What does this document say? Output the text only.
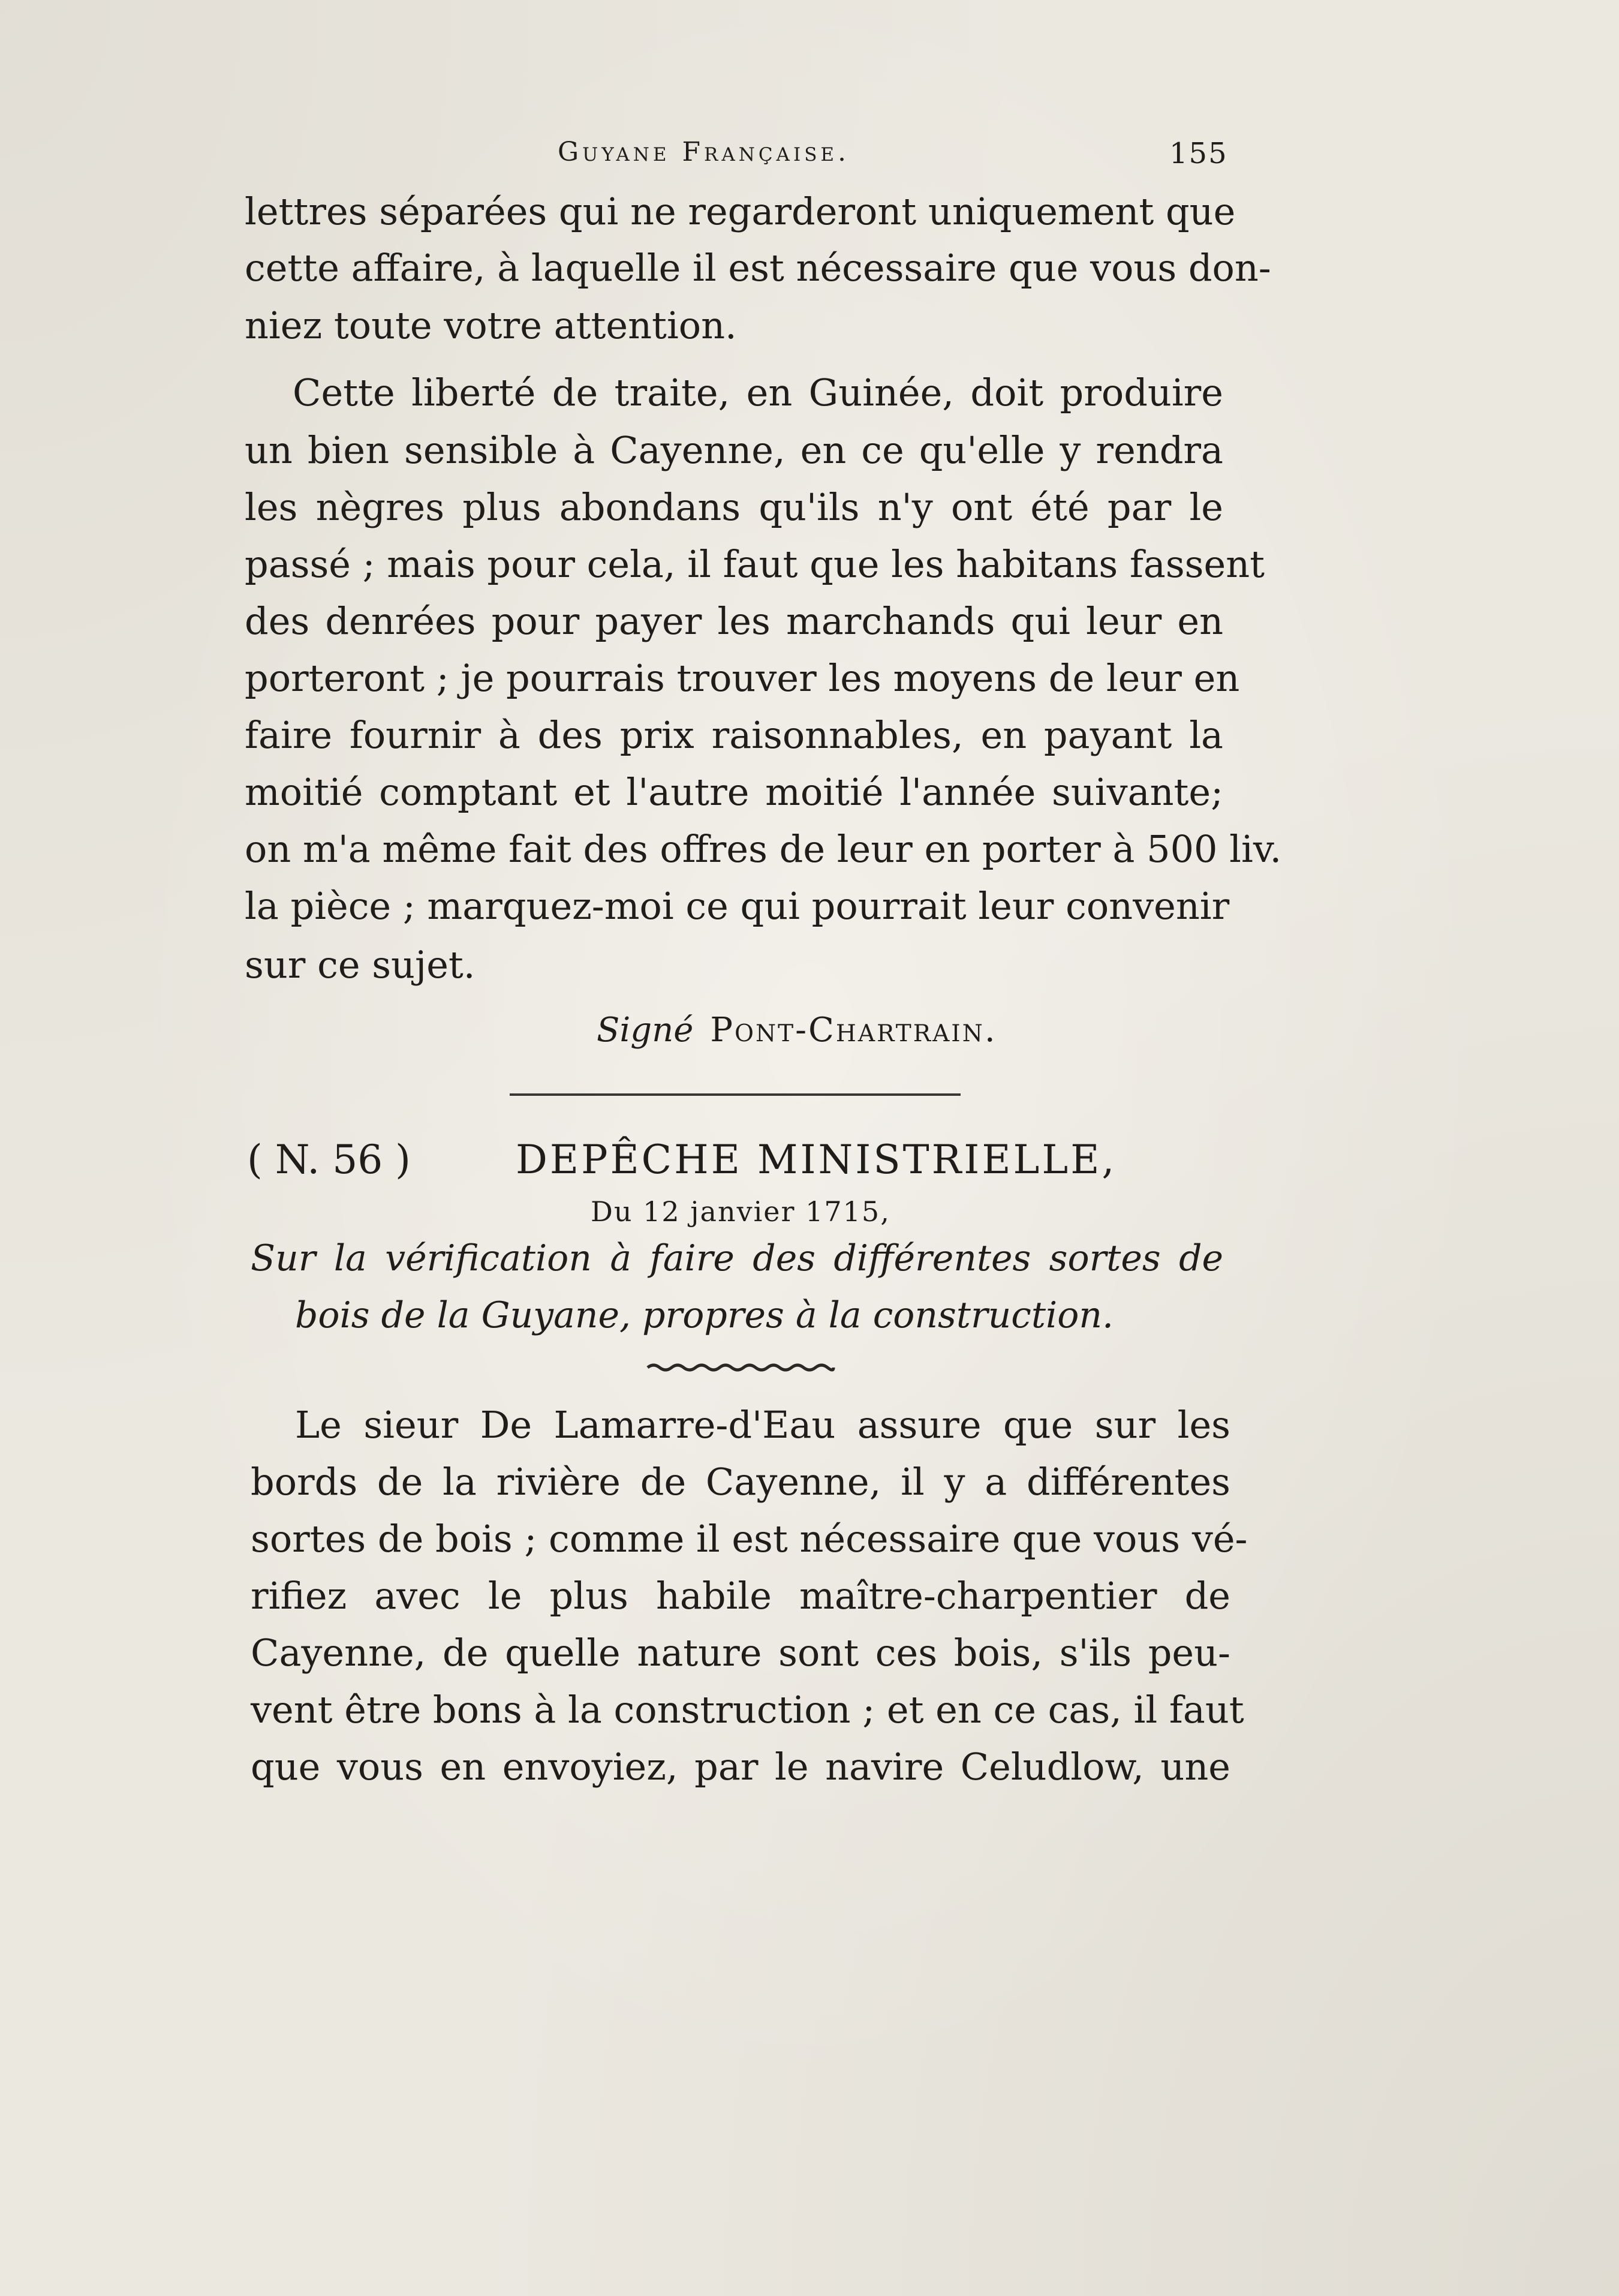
Guyane Française.	155
lettres séparées qui ne regarderont uniquement que
cette affaire, à laquelle il est nécessaire que vous don-
niez toute votre attention.
Cette liberté de traite, en Guinée, doit produire
un bien sensible à Cayenne, en ce qu'elle y rendra
les nègres plus abondans qu'ils n'y ont été par le
passé ; mais pour cela, il faut que les habitans fassent
des denrées pour payer les marchands qui leur en
porteront ; je pourrais trouver les moyens de leur en
faire fournir à des prix raisonnables, en payant la
moitié comptant et l'autre moitié l'année suivante;
on m'a même fait des offres de leur en porter à 500 liv.
la pièce ; marquez-moi ce qui pourrait leur convenir
sur ce sujet.
Signé Pont-Chartrain.
( N. 56 )	DEPÊCHE MINISTRIELLE,
Du 12 janvier 1715,
Sur la vérification à faire des différentes sortes de
bois de la Guyane, propres à la construction.
Le sieur De Lamarre-d'Eau assure que sur les
bords de la rivière de Cayenne, il y a différentes
sortes de bois ; comme il est nécessaire que vous vé-
rifiez avec le plus habile maître-charpentier de
Cayenne, de quelle nature sont ces bois, s'ils peu-
vent être bons à la construction ; et en ce cas, il faut
que vous en envoyiez, par le navire Celudlow, une
